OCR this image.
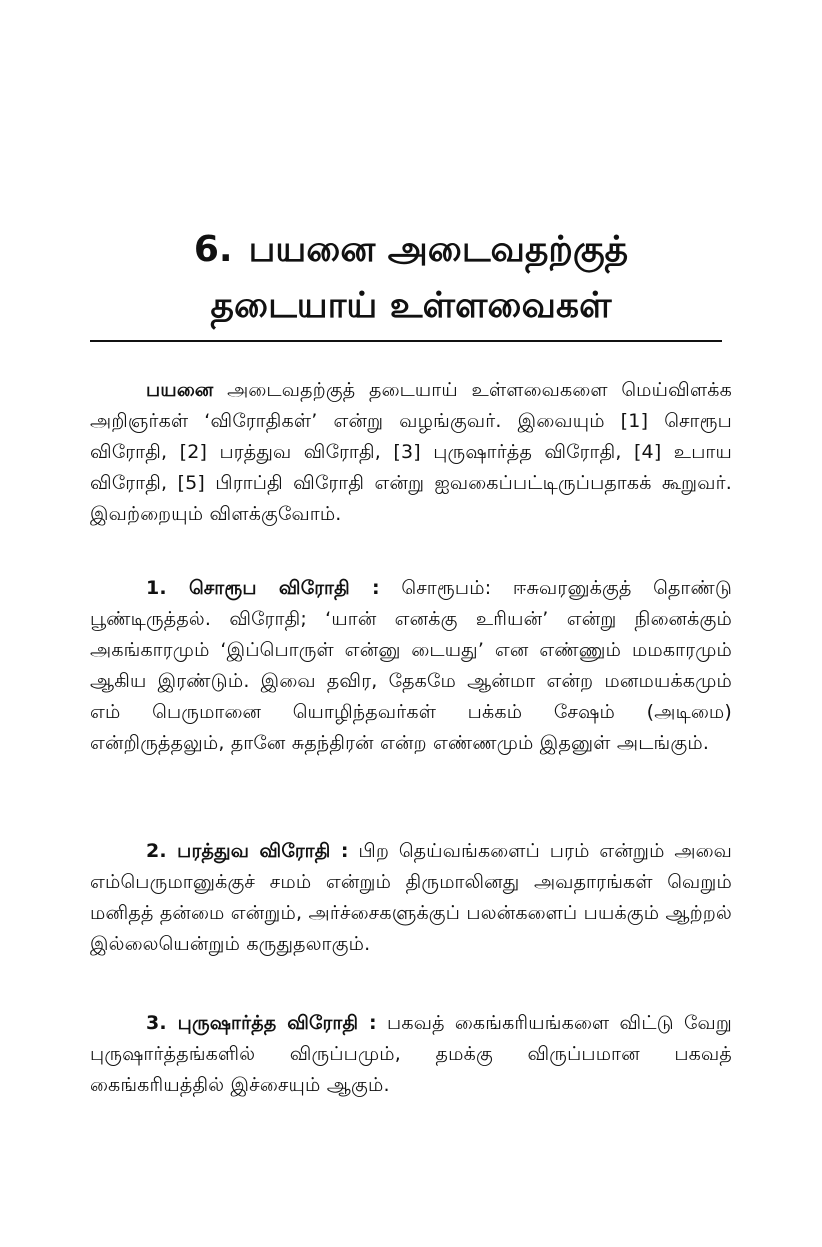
6. பயனை அடைவதற்குத்
தடையாய் உள்ளவைகள்

பயனை அடைவதற்குத் தடையாய் உள்ளவைகளை மெய்விளக்க அறிஞர்கள் ‘விரோதிகள்’ என்று வழங்குவர். இவையும் [1] சொரூப விரோதி, [2] பரத்துவ விரோதி, [3] புருஷார்த்த விரோதி, [4] உபாய விரோதி, [5] பிராப்தி விரோதி என்று ஐவகைப்பட்டிருப்பதாகக் கூறுவர். இவற்றையும் விளக்குவோம்.

1. சொரூப விரோதி : சொரூபம்: ஈசுவரனுக்குத் தொண்டு பூண்டிருத்தல். விரோதி; ‘யான் எனக்கு உரியன்’ என்று நினைக்கும் அகங்காரமும் ‘இப்பொருள் என்னு டையது’ என எண்ணும் மமகாரமும் ஆகிய இரண்டும். இவை தவிர, தேகமே ஆன்மா என்ற மனமயக்கமும் எம் பெருமானை யொழிந்தவர்கள் பக்கம் சேஷம் (அடிமை) என்றிருத்தலும், தானே சுதந்திரன் என்ற எண்ணமும் இதனுள் அடங்கும்.

2. பரத்துவ விரோதி : பிற தெய்வங்களைப் பரம் என்றும் அவை எம்பெருமானுக்குச் சமம் என்றும் திருமாலினது அவதாரங்கள் வெறும் மனிதத் தன்மை என்றும், அர்ச்சைகளுக்குப் பலன்களைப் பயக்கும் ஆற்றல் இல்லையென்றும் கருதுதலாகும்.

3. புருஷார்த்த விரோதி : பகவத் கைங்கரியங்களை விட்டு வேறு புருஷார்த்தங்களில் விருப்பமும், தமக்கு விருப்பமான பகவத் கைங்கரியத்தில் இச்சையும் ஆகும்.
